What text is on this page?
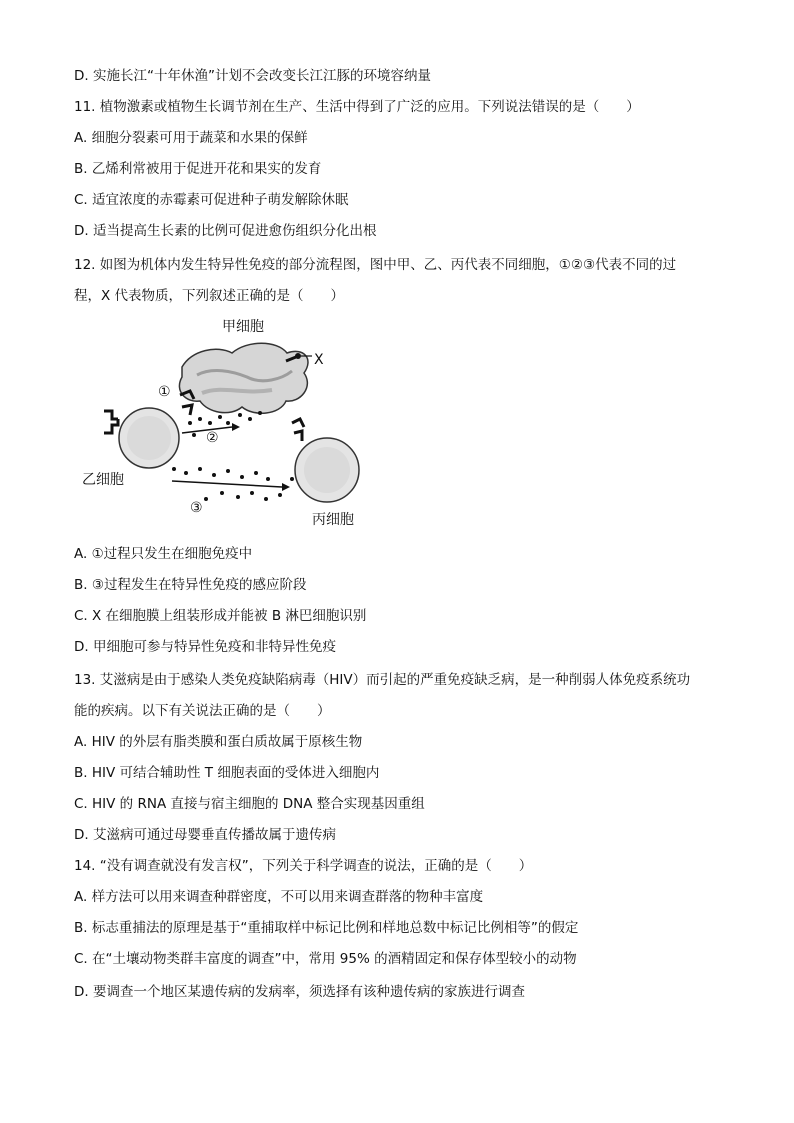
D. 实施长江“十年休渔”计划不会改变长江江豚的环境容纳量
11. 植物激素或植物生长调节剂在生产、生活中得到了广泛的应用。下列说法错误的是（　　）
A. 细胞分裂素可用于蔬菜和水果的保鲜
B. 乙烯利常被用于促进开花和果实的发育
C. 适宜浓度的赤霉素可促进种子萌发解除休眠
D. 适当提高生长素的比例可促进愈伤组织分化出根
12. 如图为机体内发生特异性免疫的部分流程图，图中甲、乙、丙代表不同细胞，①②③代表不同的过
程，X 代表物质，下列叙述正确的是（　　）
A. ①过程只发生在细胞免疫中
B. ③过程发生在特异性免疫的感应阶段
C. X 在细胞膜上组装形成并能被 B 淋巴细胞识别
D. 甲细胞可参与特异性免疫和非特异性免疫
13. 艾滋病是由于感染人类免疫缺陷病毒（HIV）而引起的严重免疫缺乏病，是一种削弱人体免疫系统功
能的疾病。以下有关说法正确的是（　　）
A. HIV 的外层有脂类膜和蛋白质故属于原核生物
B. HIV 可结合辅助性 T 细胞表面的受体进入细胞内
C. HIV 的 RNA 直接与宿主细胞的 DNA 整合实现基因重组
D. 艾滋病可通过母婴垂直传播故属于遗传病
14. “没有调查就没有发言权”，下列关于科学调查的说法，正确的是（　　）
A. 样方法可以用来调查种群密度，不可以用来调查群落的物种丰富度
B. 标志重捕法的原理是基于“重捕取样中标记比例和样地总数中标记比例相等”的假定
C. 在“土壤动物类群丰富度的调查”中，常用 95% 的酒精固定和保存体型较小的动物
D. 要调查一个地区某遗传病的发病率，须选择有该种遗传病的家族进行调查
甲细胞
X
①
②
乙细胞
③
丙细胞
